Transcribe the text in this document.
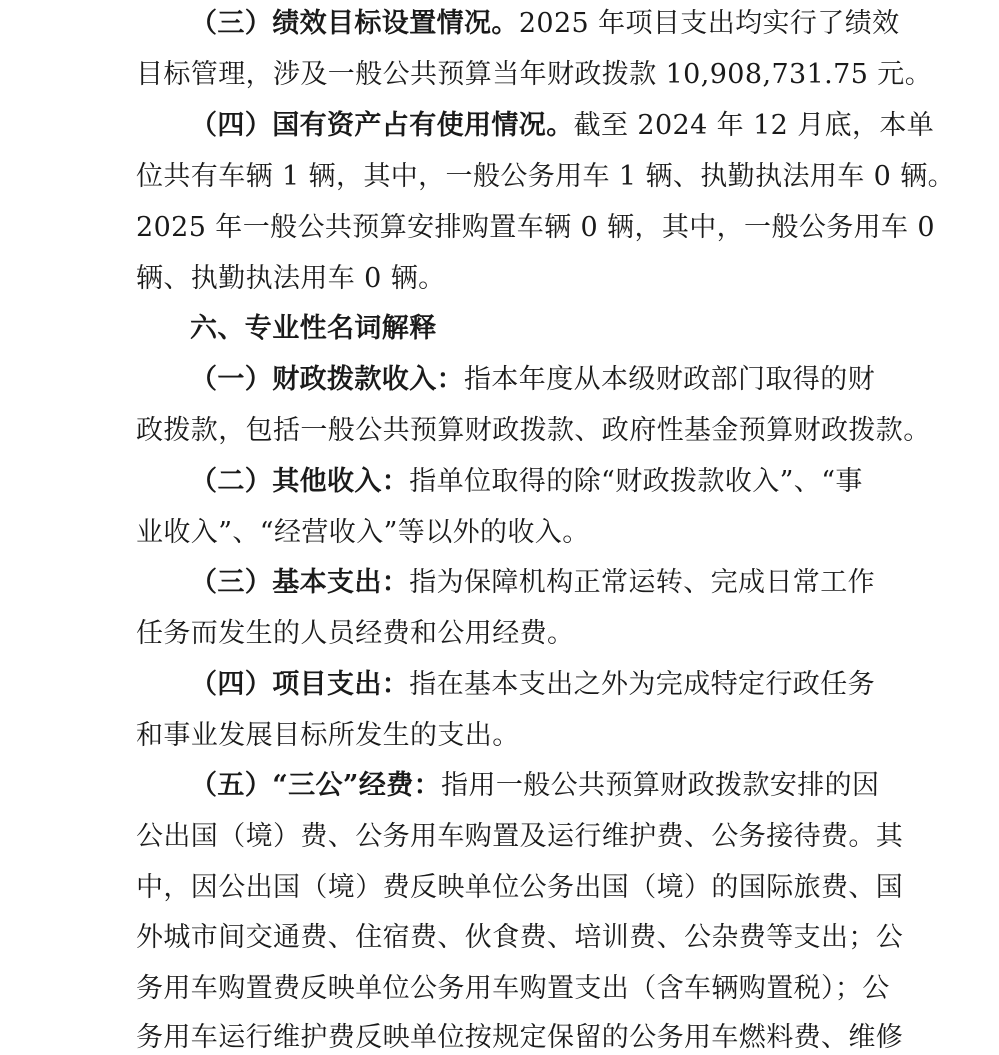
（三）绩效目标设置情况。2025 年项目支出均实行了绩效
目标管理，涉及一般公共预算当年财政拨款 10,908,731.75 元。
（四）国有资产占有使用情况。截至 2024 年 12 月底，本单
位共有车辆 1 辆，其中，一般公务用车 1 辆、执勤执法用车 0 辆。
2025 年一般公共预算安排购置车辆 0 辆，其中，一般公务用车 0
辆、执勤执法用车 0 辆。
六、专业性名词解释
（一）财政拨款收入：指本年度从本级财政部门取得的财
政拨款，包括一般公共预算财政拨款、政府性基金预算财政拨款。
（二）其他收入：指单位取得的除“财政拨款收入”、“事
业收入”、“经营收入”等以外的收入。
（三）基本支出：指为保障机构正常运转、完成日常工作
任务而发生的人员经费和公用经费。
（四）项目支出：指在基本支出之外为完成特定行政任务
和事业发展目标所发生的支出。
（五）“三公”经费：指用一般公共预算财政拨款安排的因
公出国（境）费、公务用车购置及运行维护费、公务接待费。其
中，因公出国（境）费反映单位公务出国（境）的国际旅费、国
外城市间交通费、住宿费、伙食费、培训费、公杂费等支出；公
务用车购置费反映单位公务用车购置支出（含车辆购置税）；公
务用车运行维护费反映单位按规定保留的公务用车燃料费、维修
